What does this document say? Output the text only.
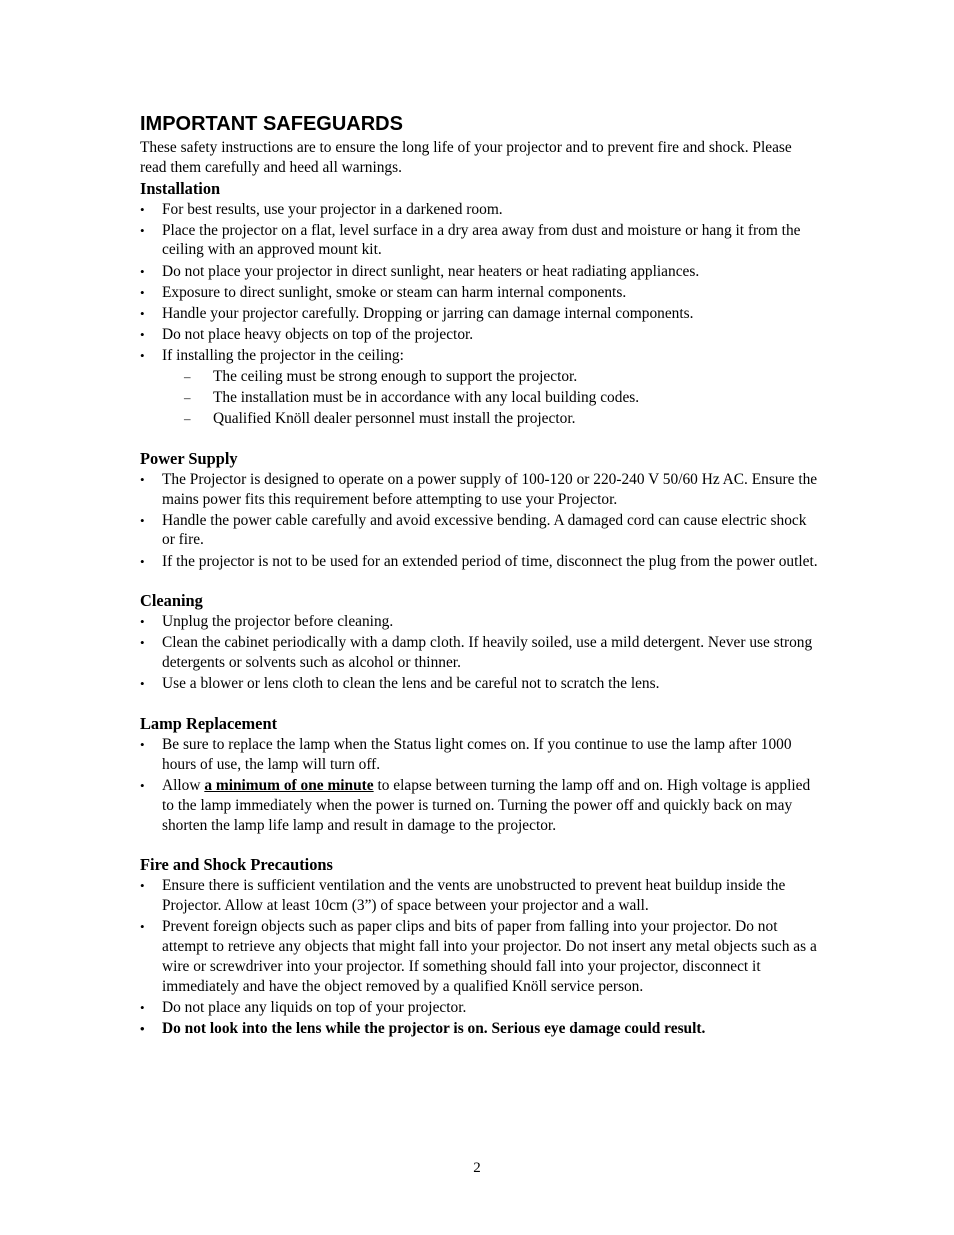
IMPORTANT SAFEGUARDS

These safety instructions are to ensure the long life of your projector and to prevent fire and shock. Please read them carefully and heed all warnings.

Installation
• For best results, use your projector in a darkened room.
• Place the projector on a flat, level surface in a dry area away from dust and moisture or hang it from the ceiling with an approved mount kit.
• Do not place your projector in direct sunlight, near heaters or heat radiating appliances.
• Exposure to direct sunlight, smoke or steam can harm internal components.
• Handle your projector carefully. Dropping or jarring can damage internal components.
• Do not place heavy objects on top of the projector.
• If installing the projector in the ceiling:
– The ceiling must be strong enough to support the projector.
– The installation must be in accordance with any local building codes.
– Qualified Knöll dealer personnel must install the projector.
Power Supply
• The Projector is designed to operate on a power supply of 100-120 or 220-240 V 50/60 Hz AC. Ensure the mains power fits this requirement before attempting to use your Projector.
• Handle the power cable carefully and avoid excessive bending. A damaged cord can cause electric shock or fire.
• If the projector is not to be used for an extended period of time, disconnect the plug from the power outlet.
Cleaning
• Unplug the projector before cleaning.
• Clean the cabinet periodically with a damp cloth. If heavily soiled, use a mild detergent. Never use strong detergents or solvents such as alcohol or thinner.
• Use a blower or lens cloth to clean the lens and be careful not to scratch the lens.
Lamp Replacement
• Be sure to replace the lamp when the Status light comes on. If you continue to use the lamp after 1000 hours of use, the lamp will turn off.
• Allow a minimum of one minute to elapse between turning the lamp off and on. High voltage is applied to the lamp immediately when the power is turned on. Turning the power off and quickly back on may shorten the lamp life lamp and result in damage to the projector.
Fire and Shock Precautions
• Ensure there is sufficient ventilation and the vents are unobstructed to prevent heat buildup inside the Projector. Allow at least 10cm (3”) of space between your projector and a wall.
• Prevent foreign objects such as paper clips and bits of paper from falling into your projector. Do not attempt to retrieve any objects that might fall into your projector. Do not insert any metal objects such as a wire or screwdriver into your projector. If something should fall into your projector, disconnect it immediately and have the object removed by a qualified Knöll service person.
• Do not place any liquids on top of your projector.
• Do not look into the lens while the projector is on. Serious eye damage could result.
2
